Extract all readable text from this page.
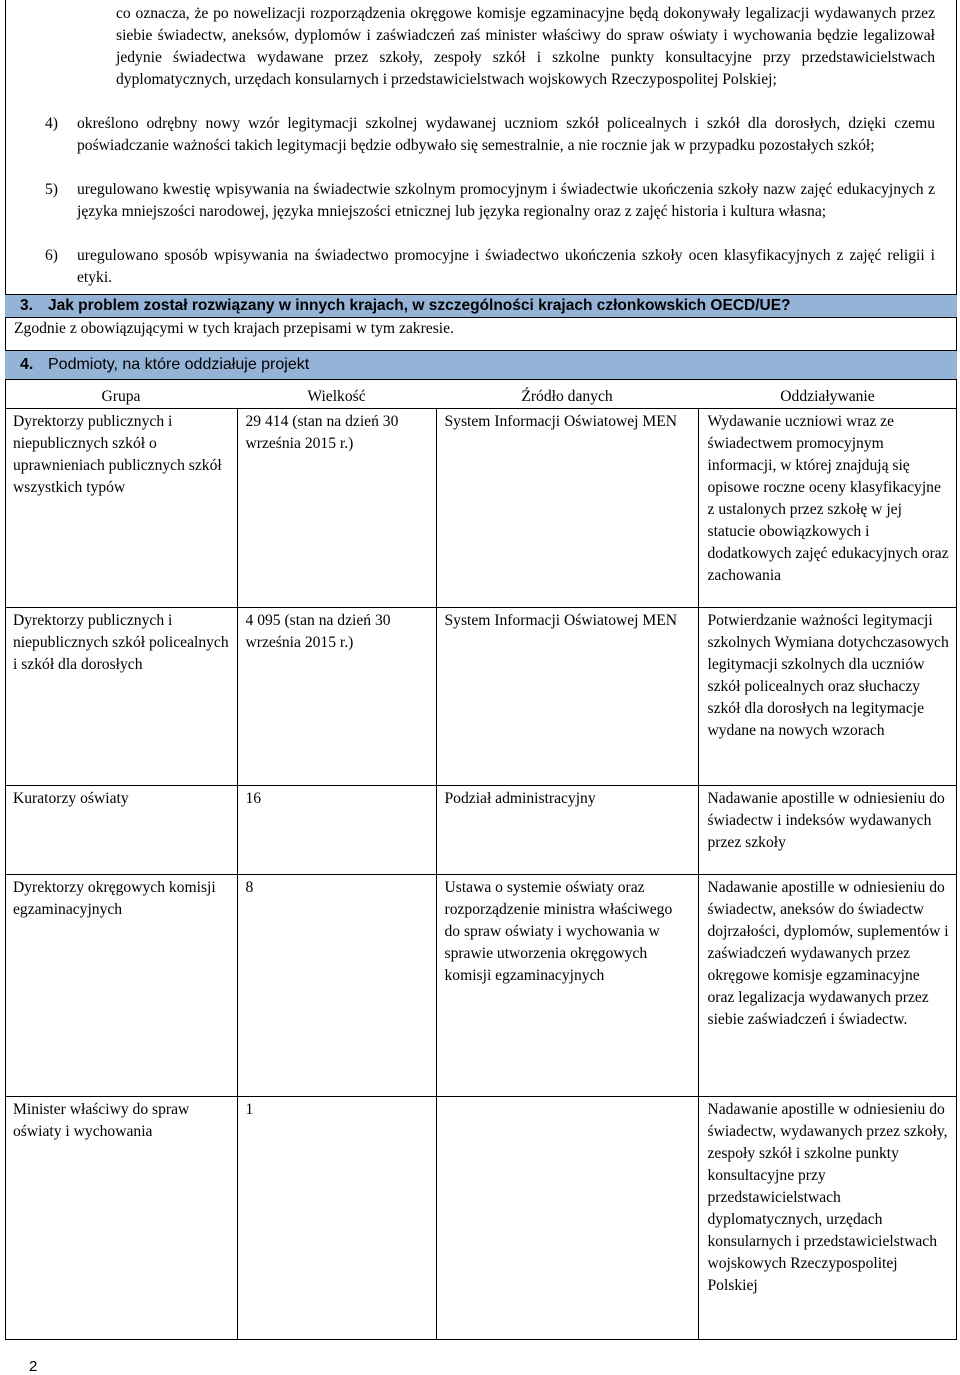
co oznacza, że po nowelizacji rozporządzenia okręgowe komisje egzaminacyjne będą dokonywały legalizacji wydawanych przez siebie świadectw, aneksów, dyplomów i zaświadczeń zaś minister właściwy do spraw oświaty i wychowania będzie legalizował jedynie świadectwa wydawane przez szkoły, zespoły szkół i szkolne punkty konsultacyjne przy przedstawicielstwach dyplomatycznych, urzędach konsularnych i przedstawicielstwach wojskowych Rzeczypospolitej Polskiej;

4)	określono odrębny nowy wzór legitymacji szkolnej wydawanej uczniom szkół policealnych i szkół dla dorosłych, dzięki czemu poświadczanie ważności takich legitymacji będzie odbywało się semestralnie, a nie rocznie jak w przypadku pozostałych szkół;
5)	uregulowano kwestię wpisywania na świadectwie szkolnym promocyjnym i świadectwie ukończenia szkoły nazw zajęć edukacyjnych z języka mniejszości narodowej, języka mniejszości etnicznej lub języka regionalny oraz z zajęć historia i kultura własna;
6)	uregulowano sposób wpisywania na świadectwo promocyjne i świadectwo ukończenia szkoły ocen klasyfikacyjnych z zajęć religii i etyki.
3. Jak problem został rozwiązany w innych krajach, w szczególności krajach członkowskich OECD/UE?
Zgodnie z obowiązującymi w tych krajach przepisami w tym zakresie.
4. Podmioty, na które oddziałuje projekt
Grupa	Wielkość	Źródło danych	Oddziaływanie
Dyrektorzy publicznych i niepublicznych szkół o uprawnieniach publicznych szkół wszystkich typów	29 414 (stan na dzień 30 września 2015 r.)	System Informacji Oświatowej MEN	Wydawanie uczniowi wraz ze świadectwem promocyjnym informacji, w której znajdują się opisowe roczne oceny klasyfikacyjne z ustalonych przez szkołę w jej statucie obowiązkowych i dodatkowych zajęć edukacyjnych oraz zachowania
Dyrektorzy publicznych i niepublicznych szkół policealnych i szkół dla dorosłych	4 095 (stan na dzień 30 września 2015 r.)	System Informacji Oświatowej MEN	Potwierdzanie ważności legitymacji szkolnych Wymiana dotychczasowych legitymacji szkolnych dla uczniów szkół policealnych oraz słuchaczy szkół dla dorosłych na legitymacje wydane na nowych wzorach
Kuratorzy oświaty	16	Podział administracyjny	Nadawanie apostille w odniesieniu do świadectw i indeksów wydawanych przez szkoły
Dyrektorzy okręgowych komisji egzaminacyjnych	8	Ustawa o systemie oświaty oraz rozporządzenie ministra właściwego do spraw oświaty i wychowania w sprawie utworzenia okręgowych komisji egzaminacyjnych	Nadawanie apostille w odniesieniu do świadectw, aneksów do świadectw dojrzałości, dyplomów, suplementów i zaświadczeń wydawanych przez okręgowe komisje egzaminacyjne oraz legalizacja wydawanych przez siebie zaświadczeń i świadectw.
Minister właściwy do spraw oświaty i wychowania	1		Nadawanie apostille w odniesieniu do świadectw, wydawanych przez szkoły, zespoły szkół i szkolne punkty konsultacyjne przy przedstawicielstwach dyplomatycznych, urzędach konsularnych i przedstawicielstwach wojskowych Rzeczypospolitej Polskiej
2
